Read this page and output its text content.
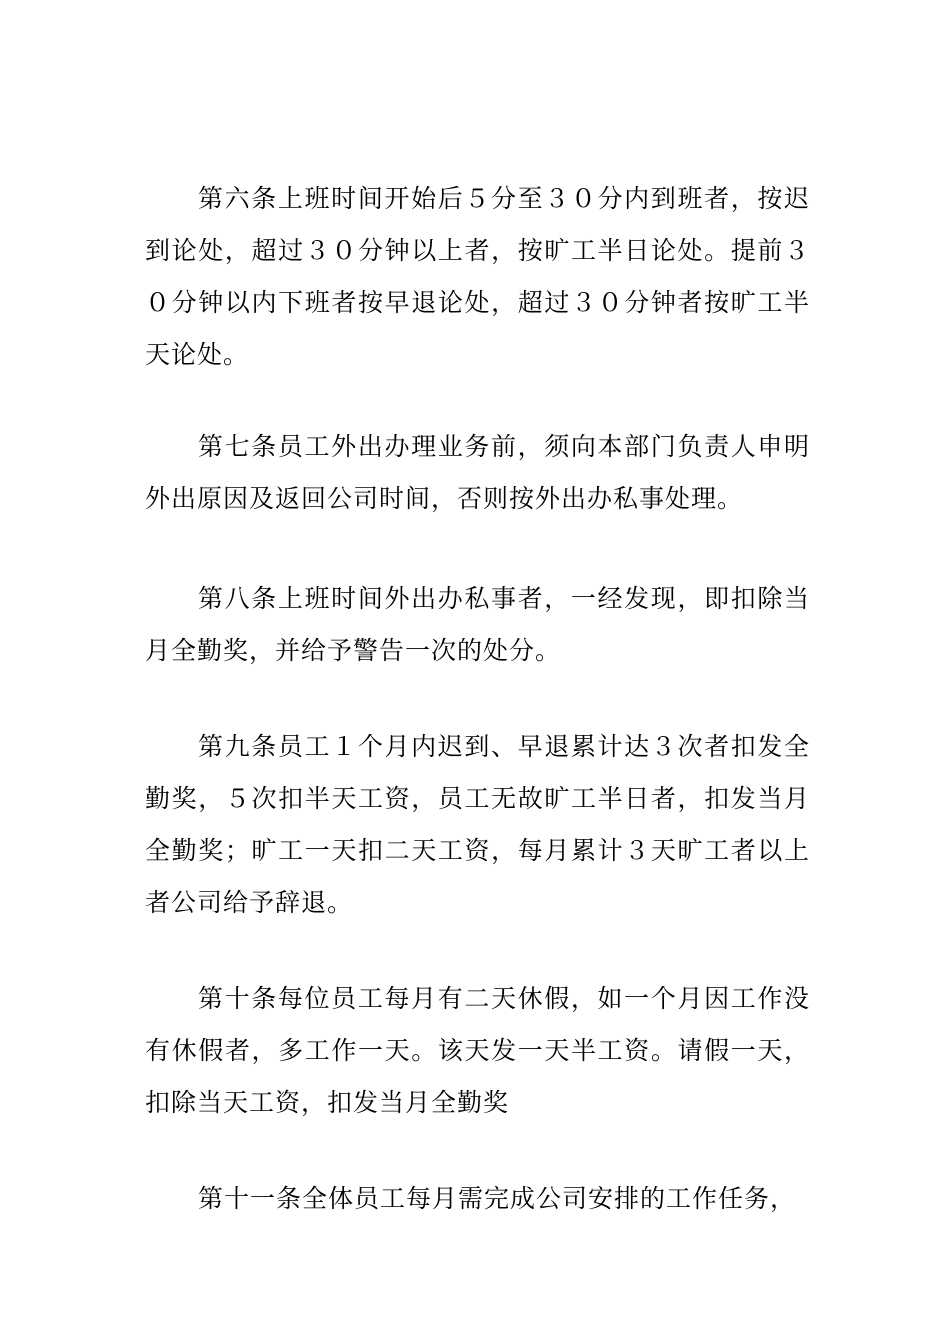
第六条上班时间开始后５分至３０分内到班者，按迟到论处，超过３０分钟以上者，按旷工半日论处。提前３０分钟以内下班者按早退论处，超过３０分钟者按旷工半天论处。

第七条员工外出办理业务前，须向本部门负责人申明外出原因及返回公司时间，否则按外出办私事处理。

第八条上班时间外出办私事者，一经发现，即扣除当月全勤奖，并给予警告一次的处分。

第九条员工１个月内迟到、早退累计达３次者扣发全勤奖，５次扣半天工资，员工无故旷工半日者，扣发当月全勤奖；旷工一天扣二天工资，每月累计３天旷工者以上者公司给予辞退。

第十条每位员工每月有二天休假，如一个月因工作没有休假者，多工作一天。该天发一天半工资。请假一天，扣除当天工资，扣发当月全勤奖

第十一条全体员工每月需完成公司安排的工作任务，
